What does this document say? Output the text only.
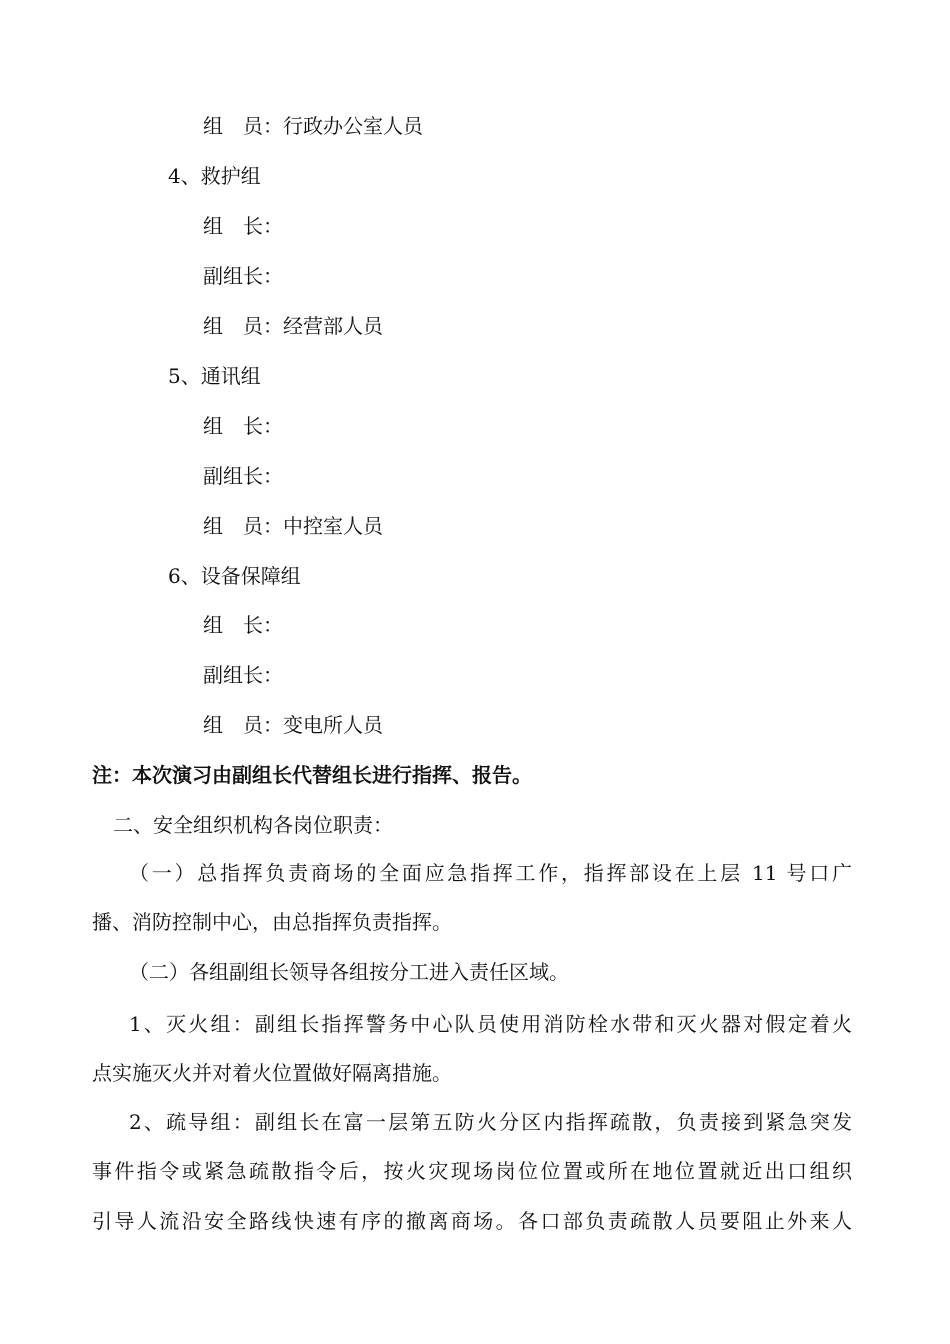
组　员：行政办公室人员
4、救护组
组　长：
副组长：
组　员：经营部人员
5、通讯组
组　长：
副组长：
组　员：中控室人员
6、设备保障组
组　长：
副组长：
组　员：变电所人员
注：本次演习由副组长代替组长进行指挥、报告。
二、安全组织机构各岗位职责：
（一）总指挥负责商场的全面应急指挥工作，指挥部设在上层 11 号口广
播、消防控制中心，由总指挥负责指挥。
（二）各组副组长领导各组按分工进入责任区域。
1、灭火组：副组长指挥警务中心队员使用消防栓水带和灭火器对假定着火
点实施灭火并对着火位置做好隔离措施。
2、疏导组：副组长在富一层第五防火分区内指挥疏散，负责接到紧急突发
事件指令或紧急疏散指令后，按火灾现场岗位位置或所在地位置就近出口组织
引导人流沿安全路线快速有序的撤离商场。各口部负责疏散人员要阻止外来人
